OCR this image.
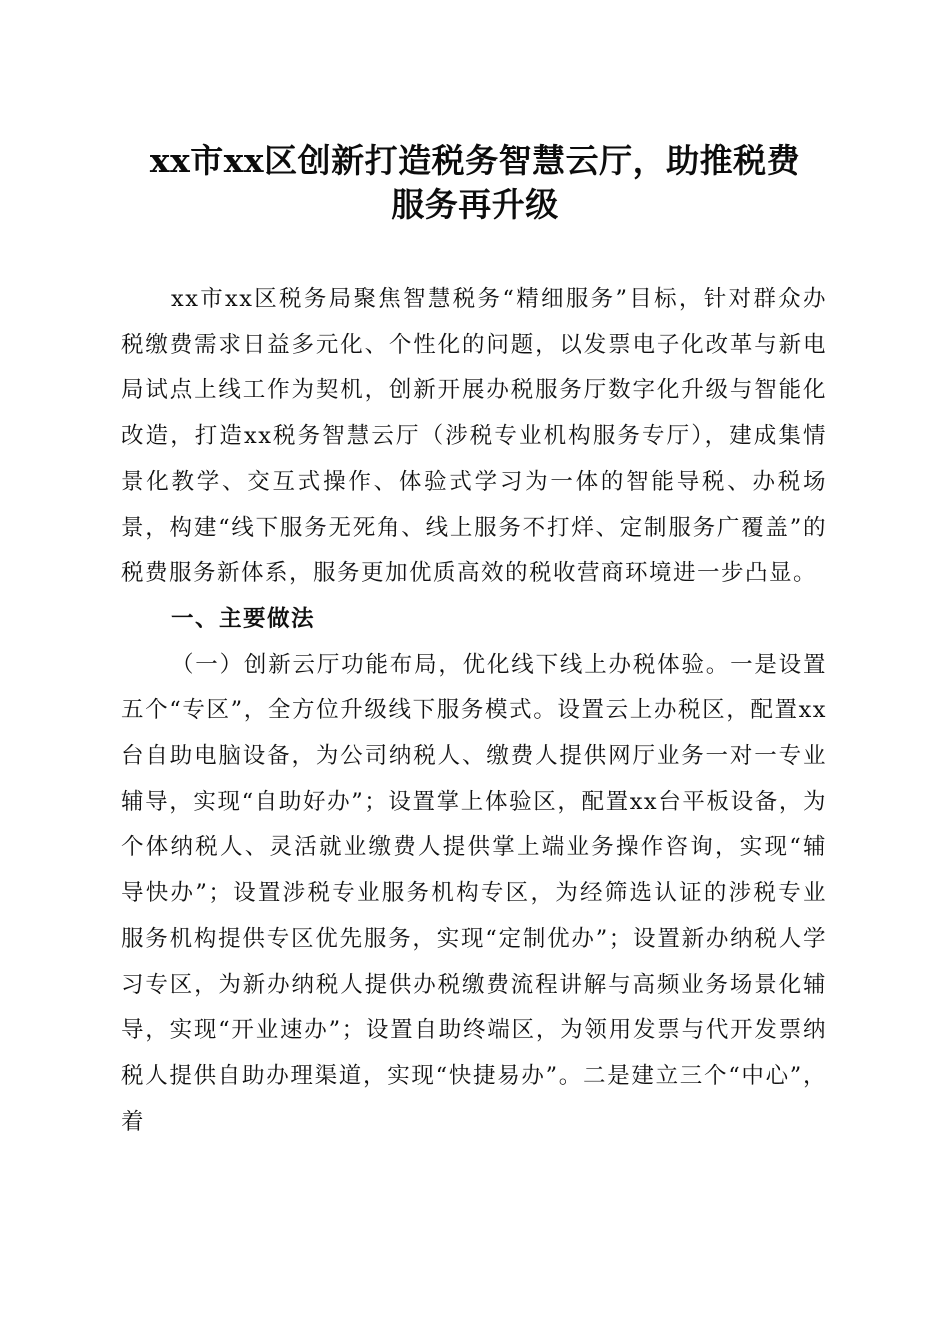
xx市xx区创新打造税务智慧云厅，助推税费
服务再升级

xx市xx区税务局聚焦智慧税务“精细服务”目标，针对群众办税缴费需求日益多元化、个性化的问题，以发票电子化改革与新电局试点上线工作为契机，创新开展办税服务厅数字化升级与智能化改造，打造xx税务智慧云厅（涉税专业机构服务专厅），建成集情景化教学、交互式操作、体验式学习为一体的智能导税、办税场景，构建“线下服务无死角、线上服务不打烊、定制服务广覆盖”的税费服务新体系，服务更加优质高效的税收营商环境进一步凸显。

一、主要做法

（一）创新云厅功能布局，优化线下线上办税体验。一是设置五个“专区”，全方位升级线下服务模式。设置云上办税区，配置xx台自助电脑设备，为公司纳税人、缴费人提供网厅业务一对一专业辅导，实现“自助好办”；设置掌上体验区，配置xx台平板设备，为个体纳税人、灵活就业缴费人提供掌上端业务操作咨询，实现“辅导快办”；设置涉税专业服务机构专区，为经筛选认证的涉税专业服务机构提供专区优先服务，实现“定制优办”；设置新办纳税人学习专区，为新办纳税人提供办税缴费流程讲解与高频业务场景化辅导，实现“开业速办”；设置自助终端区，为领用发票与代开发票纳税人提供自助办理渠道，实现“快捷易办”。二是建立三个“中心”，着
